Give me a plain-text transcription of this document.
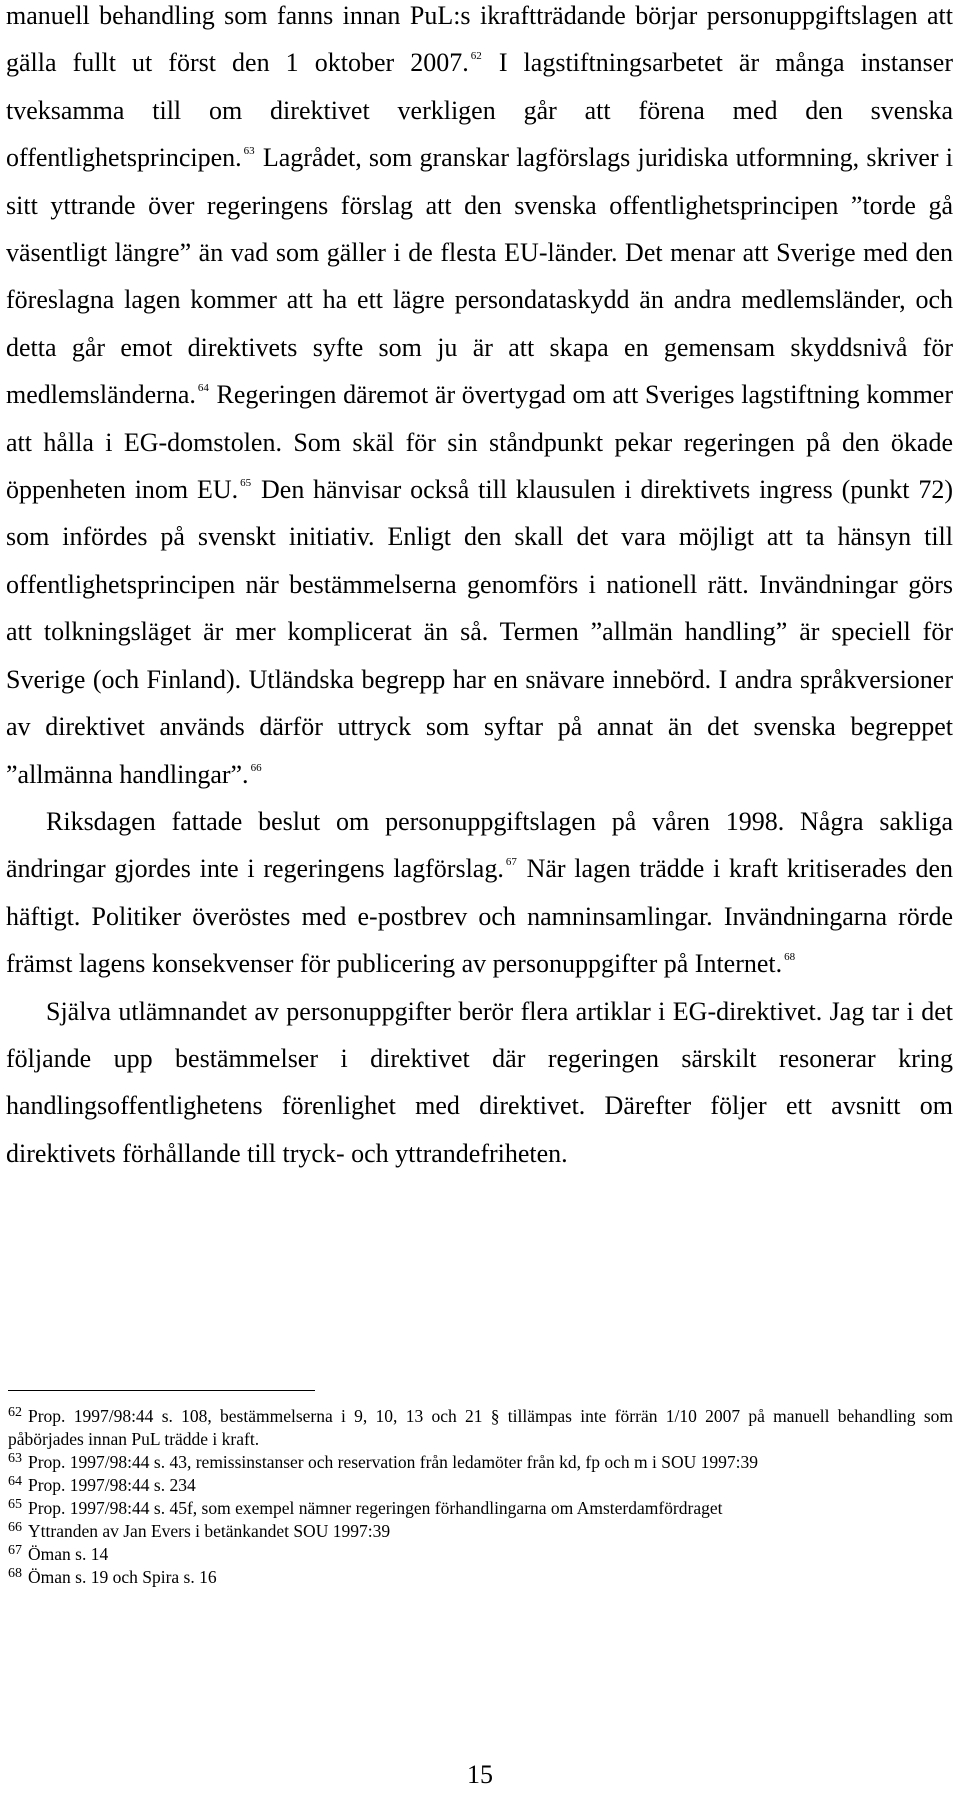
manuell behandling som fanns innan PuL:s ikraftträdande börjar personuppgiftslagen att gälla fullt ut först den 1 oktober 2007. $^{62}$ I lagstiftningsarbetet är många instanser tveksamma till om direktivet verkligen går att förena med den svenska offentlighetsprincipen. $^{63}$ Lagrådet, som granskar lagförslags juridiska utformning, skriver i sitt yttrande över regeringens förslag att den svenska offentlighetsprincipen ”torde gå väsentligt längre” än vad som gäller i de flesta EU-länder. Det menar att Sverige med den föreslagna lagen kommer att ha ett lägre persondataskydd än andra medlemsländer, och detta går emot direktivets syfte som ju är att skapa en gemensam skyddsnivå för medlemsländerna. $^{64}$ Regeringen däremot är övertygad om att Sveriges lagstiftning kommer att hålla i EG-domstolen. Som skäl för sin ståndpunkt pekar regeringen på den ökade öppenheten inom EU. $^{65}$ Den hänvisar också till klausulen i direktivets ingress (punkt 72) som infördes på svenskt initiativ. Enligt den skall det vara möjligt att ta hänsyn till offentlighetsprincipen när bestämmelserna genomförs i nationell rätt. Invändningar görs att tolkningsläget är mer komplicerat än så. Termen ”allmän handling” är speciell för Sverige (och Finland). Utländska begrepp har en snävare innebörd. I andra språkversioner av direktivet används därför uttryck som syftar på annat än det svenska begreppet ”allmänna handlingar”. $^{66}$

Riksdagen fattade beslut om personuppgiftslagen på våren 1998. Några sakliga ändringar gjordes inte i regeringens lagförslag. $^{67}$ När lagen trädde i kraft kritiserades den häftigt. Politiker överöstes med e-postbrev och namninsamlingar. Invändningarna rörde främst lagens konsekvenser för publicering av personuppgifter på Internet. $^{68}$

Själva utlämnandet av personuppgifter berör flera artiklar i EG-direktivet. Jag tar i det följande upp bestämmelser i direktivet där regeringen särskilt resonerar kring handlingsoffentlighetens förenlighet med direktivet. Därefter följer ett avsnitt om direktivets förhållande till tryck- och yttrandefriheten.

$^{62}$ Prop. 1997/98:44 s. 108, bestämmelserna i 9, 10, 13 och 21 § tillämpas inte förrän 1/10 2007 på manuell behandling som påbörjades innan PuL trädde i kraft.

$^{63}$ Prop. 1997/98:44 s. 43, remissinstanser och reservation från ledamöter från kd, fp och m i SOU 1997:39

$^{64}$ Prop. 1997/98:44 s. 234

$^{65}$ Prop. 1997/98:44 s. 45f, som exempel nämner regeringen förhandlingarna om Amsterdamfördraget

$^{66}$ Yttranden av Jan Evers i betänkandet SOU 1997:39

$^{67}$ Öman s. 14

$^{68}$ Öman s. 19 och Spira s. 16

15
